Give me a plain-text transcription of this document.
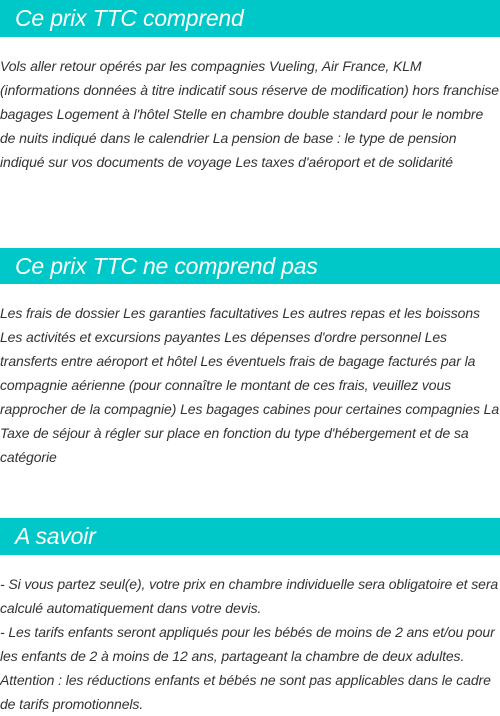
Ce prix TTC comprend

Vols aller retour opérés par les compagnies Vueling, Air France, KLM (informations données à titre indicatif sous réserve de modification) hors franchise bagages Logement à l'hôtel Stelle en chambre double standard pour le nombre de nuits indiqué dans le calendrier La pension de base : le type de pension indiqué sur vos documents de voyage Les taxes d'aéroport et de solidarité

Ce prix TTC ne comprend pas

Les frais de dossier Les garanties facultatives Les autres repas et les boissons Les activités et excursions payantes Les dépenses d'ordre personnel Les transferts entre aéroport et hôtel Les éventuels frais de bagage facturés par la compagnie aérienne (pour connaître le montant de ces frais, veuillez vous rapprocher de la compagnie) Les bagages cabines pour certaines compagnies La Taxe de séjour à régler sur place en fonction du type d'hébergement et de sa catégorie

A savoir
- Si vous partez seul(e), votre prix en chambre individuelle sera obligatoire et sera calculé automatiquement dans votre devis.
- Les tarifs enfants seront appliqués pour les bébés de moins de 2 ans et/ou pour les enfants de 2 à moins de 12 ans, partageant la chambre de deux adultes.
Attention : les réductions enfants et bébés ne sont pas applicables dans le cadre de tarifs promotionnels.
